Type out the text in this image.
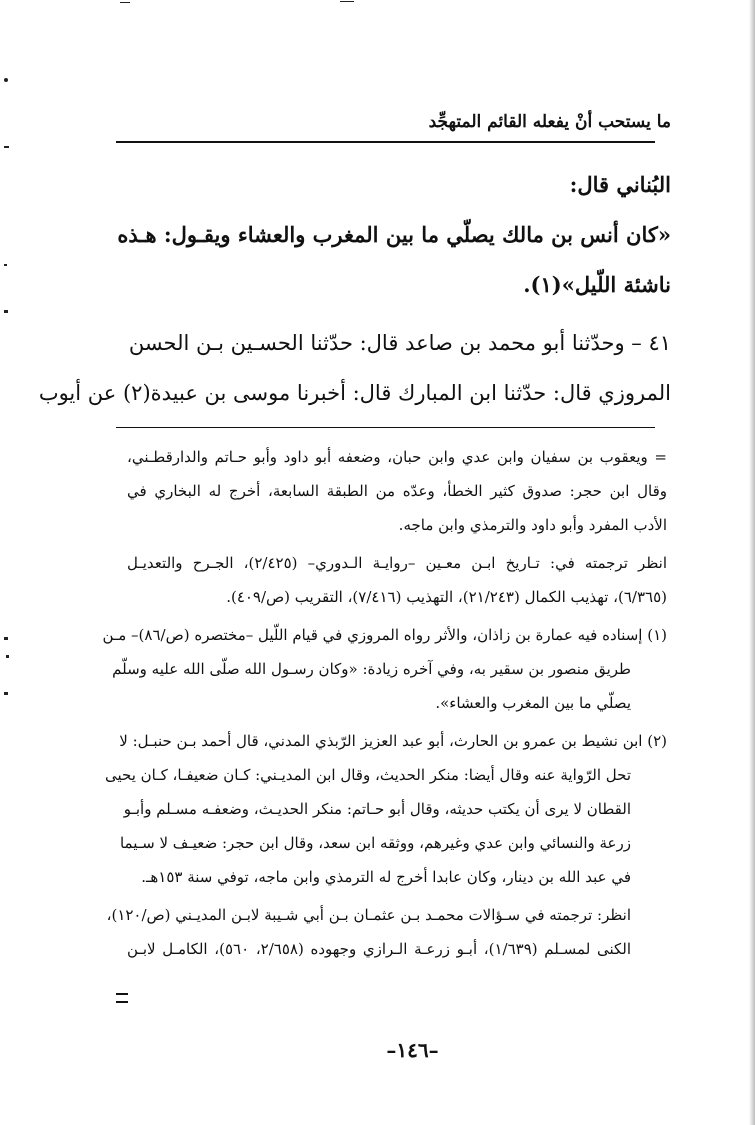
ما يستحب أنْ يفعله القائم المتهجِّد
البُناني قال:
«كان أنس بن مالك يصلّي ما بين المغرب والعشاء ويقـول: هـذه
ناشئة اللّيل»(١).
٤١ – وحدّثنا أبو محمد بن صاعد قال: حدّثنا الحسـين بـن الحسن
المروزي قال: حدّثنا ابن المبارك قال: أخبرنا موسى بن عبيدة(٢) عن أيوب
= ويعقوب بن سفيان وابن عدي وابن حبان، وضعفه أبو داود وأبو حـاتم والدارقطـني،
وقال ابن حجر: صدوق كثير الخطأ، وعدّه من الطبقة السابعة، أخرج له البخاري في
الأدب المفرد وأبو داود والترمذي وابن ماجه.
انظر ترجمته في: تـاريخ ابـن معـين –روايـة الـدوري– (٢/٤٢٥)، الجـرح والتعديـل
(٦/٣٦٥)، تهذيب الكمال (٢١/٢٤٣)، التهذيب (٧/٤١٦)، التقريب (ص/٤٠٩).
(١) إسناده فيه عمارة بن زاذان، والأثر رواه المروزي في قيام اللّيل –مختصره (ص/٨٦)– مـن
طريق منصور بن سقير به، وفي آخره زيادة: «وكان رسـول الله صلّى الله عليه وسلّم
يصلّي ما بين المغرب والعشاء».
(٢) ابن نشيط بن عمرو بن الحارث، أبو عبد العزيز الرّبذي المدني، قال أحمد بـن حنبـل: لا
تحل الرّواية عنه وقال أيضا: منكر الحديث، وقال ابن المديـني: كـان ضعيفـا، كـان يحيى
القطان لا يرى أن يكتب حديثه، وقال أبو حـاتم: منكر الحديـث، وضعفـه مسـلم وأبـو
زرعة والنسائي وابن عدي وغيرهم، ووثقه ابن سعد، وقال ابن حجر: ضعيـف لا سـيما
في عبد الله بن دينار، وكان عابدا أخرج له الترمذي وابن ماجه، توفي سنة ١٥٣هـ.
انظر: ترجمته في سـؤالات محمـد بـن عثمـان بـن أبي شـيبة لابـن المديـني (ص/١٢٠)،
الكنى لمسـلم (١/٦٣٩)، أبـو زرعـة الـرازي وجهوده (٢/٦٥٨، ٥٦٠)، الكامـل لابـن
–١٤٦–
